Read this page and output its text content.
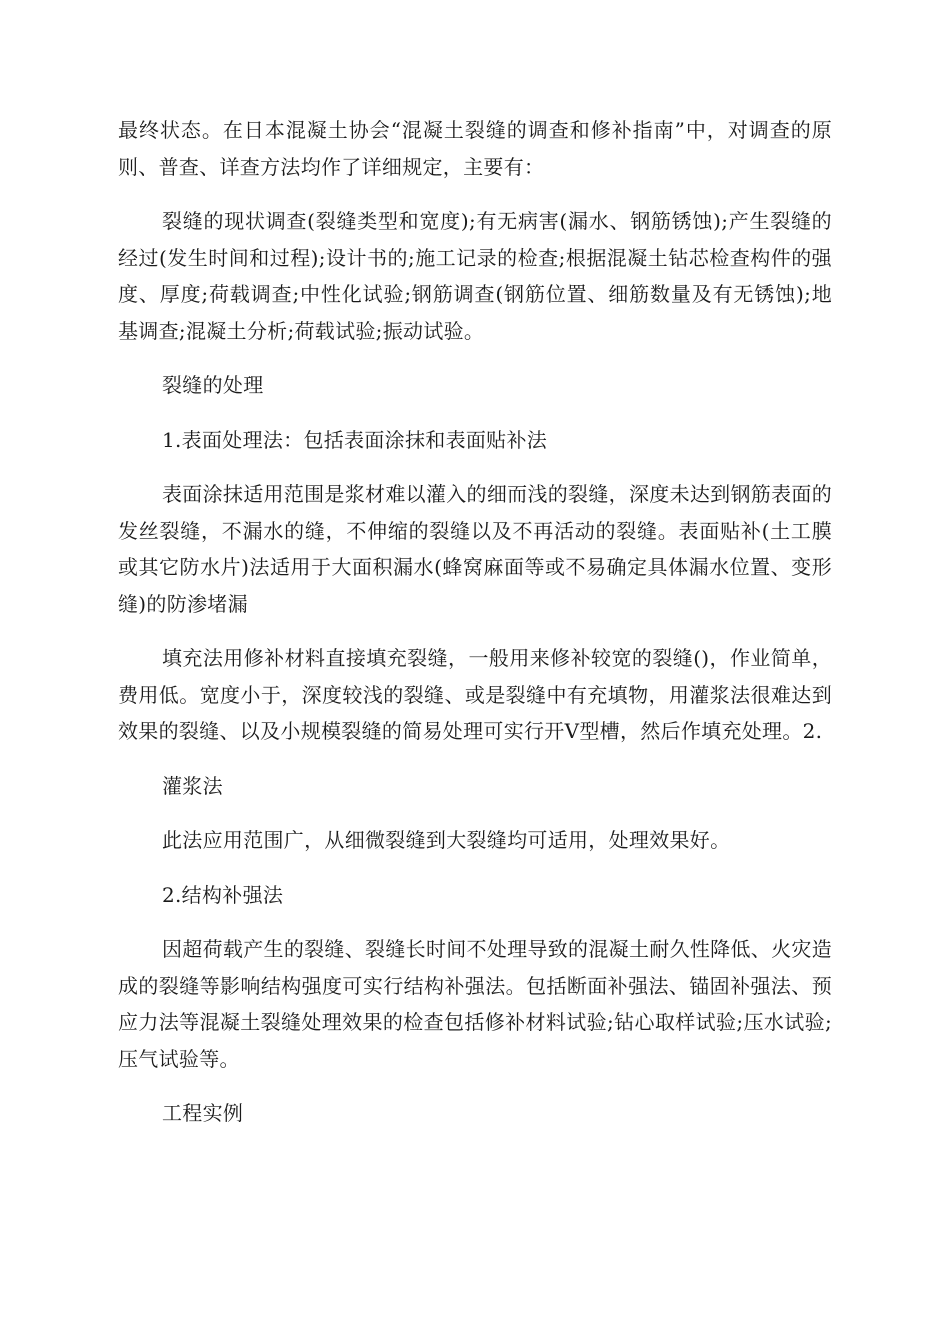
最终状态。在日本混凝土协会“混凝土裂缝的调查和修补指南”中，对调查的原则、普查、详查方法均作了详细规定，主要有：

裂缝的现状调查(裂缝类型和宽度);有无病害(漏水、钢筋锈蚀);产生裂缝的经过(发生时间和过程);设计书的;施工记录的检查;根据混凝土钻芯检查构件的强度、厚度;荷载调查;中性化试验;钢筋调查(钢筋位置、细筋数量及有无锈蚀);地基调查;混凝土分析;荷载试验;振动试验。

裂缝的处理

1.表面处理法：包括表面涂抹和表面贴补法

表面涂抹适用范围是浆材难以灌入的细而浅的裂缝，深度未达到钢筋表面的发丝裂缝，不漏水的缝，不伸缩的裂缝以及不再活动的裂缝。表面贴补(土工膜或其它防水片)法适用于大面积漏水(蜂窝麻面等或不易确定具体漏水位置、变形缝)的防渗堵漏

填充法用修补材料直接填充裂缝，一般用来修补较宽的裂缝()，作业简单，费用低。宽度小于，深度较浅的裂缝、或是裂缝中有充填物，用灌浆法很难达到效果的裂缝、以及小规模裂缝的简易处理可实行开V型槽，然后作填充处理。2.

灌浆法

此法应用范围广，从细微裂缝到大裂缝均可适用，处理效果好。

2.结构补强法

因超荷载产生的裂缝、裂缝长时间不处理导致的混凝土耐久性降低、火灾造成的裂缝等影响结构强度可实行结构补强法。包括断面补强法、锚固补强法、预应力法等混凝土裂缝处理效果的检查包括修补材料试验;钻心取样试验;压水试验;压气试验等。

工程实例
